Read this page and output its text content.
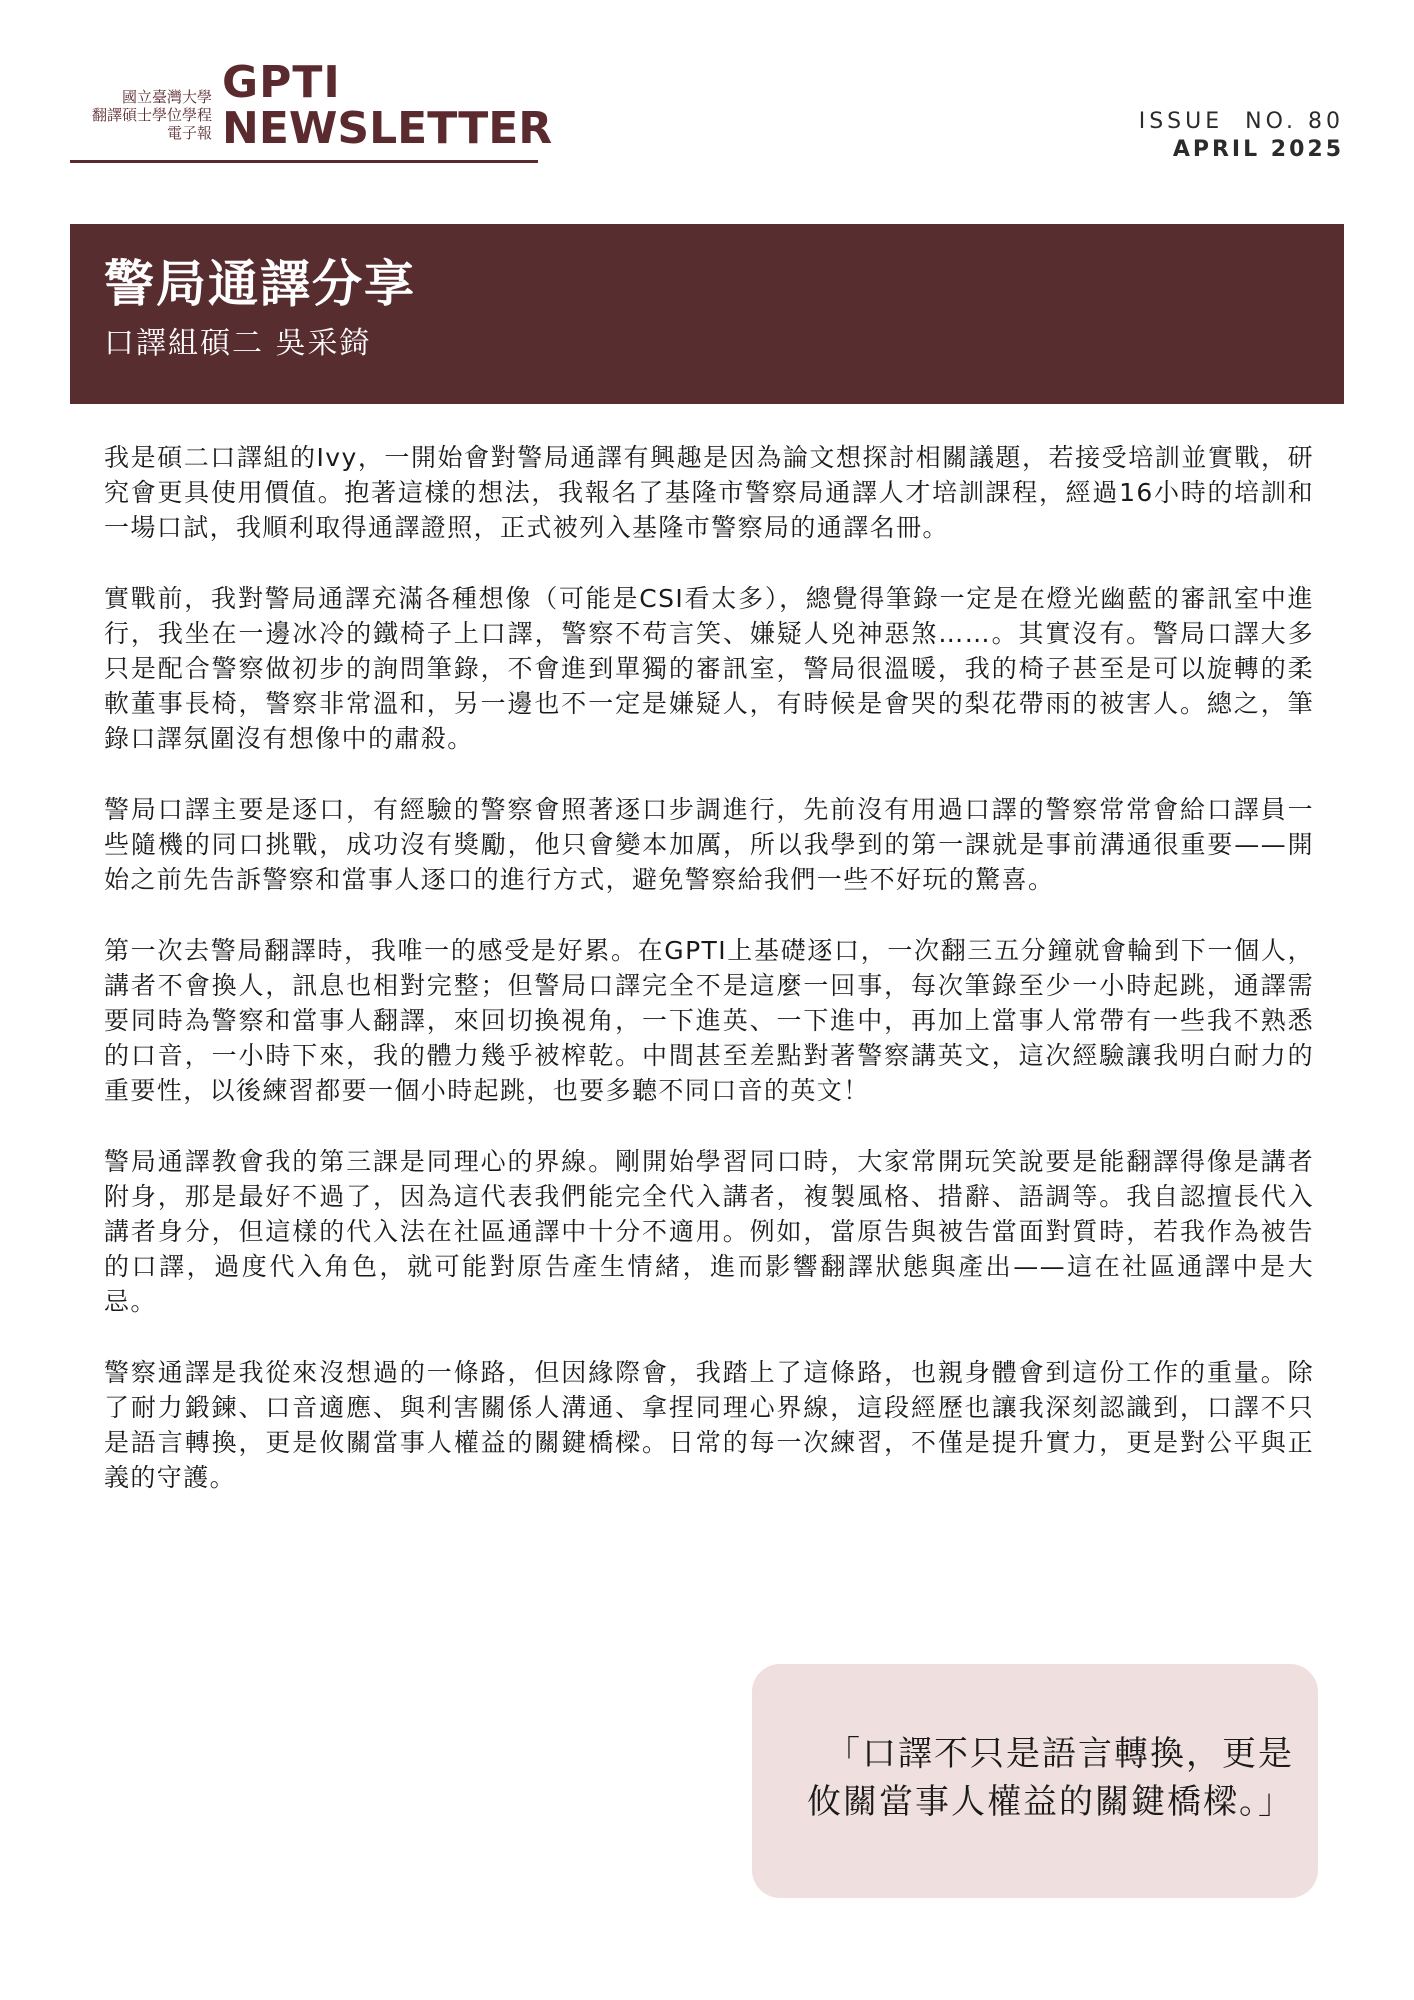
國立臺灣大學
翻譯碩士學位學程
電子報
GPTI
NEWSLETTER	ISSUE  NO. 80
APRIL 2025
警局通譯分享
口譯組碩二 吳采錡

我是碩二口譯組的Ivy，一開始會對警局通譯有興趣是因為論文想探討相關議題，若接受培訓並實戰，研究會更具使用價值。抱著這樣的想法，我報名了基隆市警察局通譯人才培訓課程，經過16小時的培訓和一場口試，我順利取得通譯證照，正式被列入基隆市警察局的通譯名冊。

實戰前，我對警局通譯充滿各種想像（可能是CSI看太多），總覺得筆錄一定是在燈光幽藍的審訊室中進行，我坐在一邊冰冷的鐵椅子上口譯，警察不苟言笑、嫌疑人兇神惡煞……。其實沒有。警局口譯大多只是配合警察做初步的詢問筆錄，不會進到單獨的審訊室，警局很溫暖，我的椅子甚至是可以旋轉的柔軟董事長椅，警察非常溫和，另一邊也不一定是嫌疑人，有時候是會哭的梨花帶雨的被害人。總之，筆錄口譯氛圍沒有想像中的肅殺。

警局口譯主要是逐口，有經驗的警察會照著逐口步調進行，先前沒有用過口譯的警察常常會給口譯員一些隨機的同口挑戰，成功沒有獎勵，他只會變本加厲，所以我學到的第一課就是事前溝通很重要——開始之前先告訴警察和當事人逐口的進行方式，避免警察給我們一些不好玩的驚喜。

第一次去警局翻譯時，我唯一的感受是好累。在GPTI上基礎逐口，一次翻三五分鐘就會輪到下一個人，講者不會換人，訊息也相對完整；但警局口譯完全不是這麼一回事，每次筆錄至少一小時起跳，通譯需要同時為警察和當事人翻譯，來回切換視角，一下進英、一下進中，再加上當事人常帶有一些我不熟悉的口音，一小時下來，我的體力幾乎被榨乾。中間甚至差點對著警察講英文，這次經驗讓我明白耐力的重要性，以後練習都要一個小時起跳，也要多聽不同口音的英文！

警局通譯教會我的第三課是同理心的界線。剛開始學習同口時，大家常開玩笑說要是能翻譯得像是講者附身，那是最好不過了，因為這代表我們能完全代入講者，複製風格、措辭、語調等。我自認擅長代入講者身分，但這樣的代入法在社區通譯中十分不適用。例如，當原告與被告當面對質時，若我作為被告的口譯，過度代入角色，就可能對原告產生情緒，進而影響翻譯狀態與產出——這在社區通譯中是大忌。

警察通譯是我從來沒想過的一條路，但因緣際會，我踏上了這條路，也親身體會到這份工作的重量。除了耐力鍛鍊、口音適應、與利害關係人溝通、拿捏同理心界線，這段經歷也讓我深刻認識到，口譯不只是語言轉換，更是攸關當事人權益的關鍵橋樑。日常的每一次練習，不僅是提升實力，更是對公平與正義的守護。

「口譯不只是語言轉換，更是
攸關當事人權益的關鍵橋樑。」
